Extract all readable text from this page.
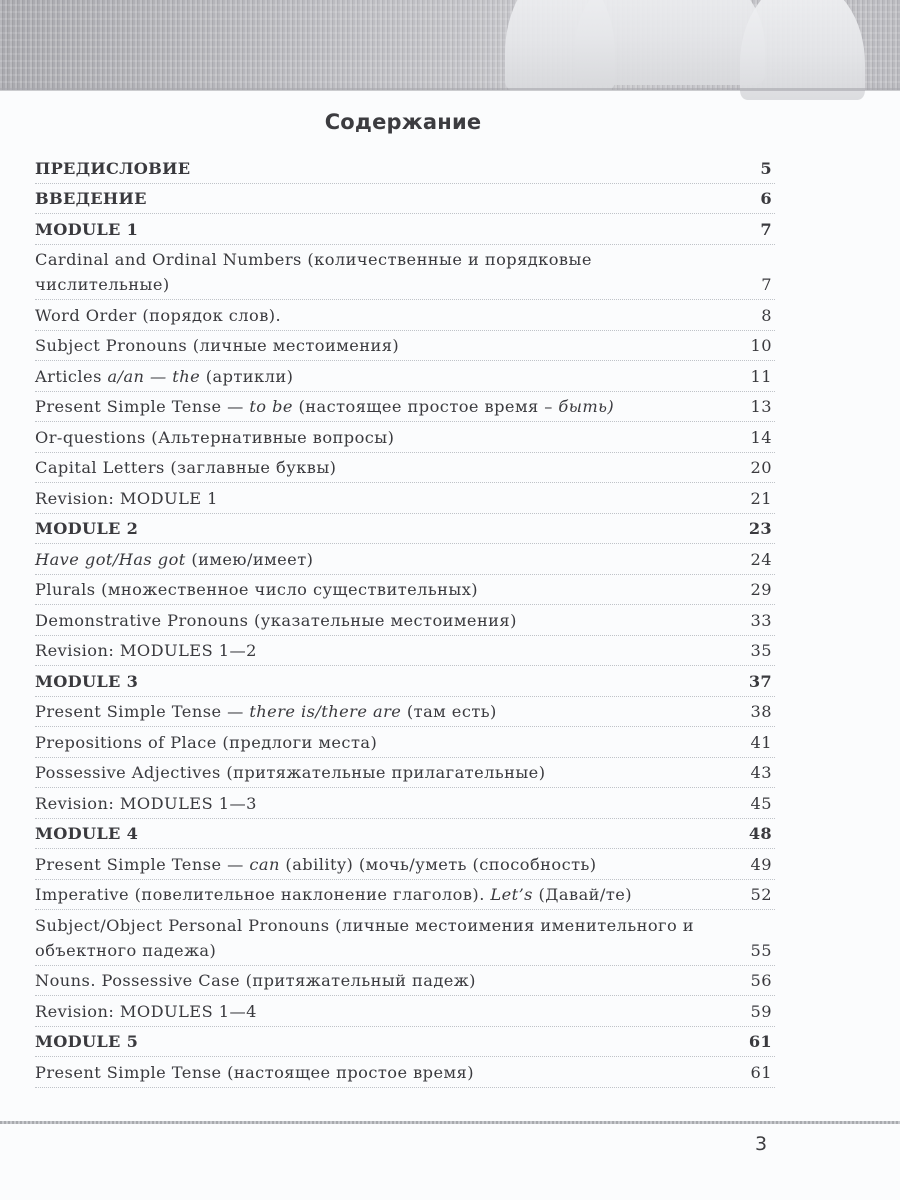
Содержание
ПРЕДИСЛОВИЕ	5
ВВЕДЕНИЕ	6
MODULE 1	7
Cardinal and Ordinal Numbers (количественные и порядковые числительные)	7
Word Order (порядок слов).	8
Subject Pronouns (личные местоимения)	10
Articles a/an — the (артикли)	11
Present Simple Tense — to be (настоящее простое время – быть)	13
Or-questions (Альтернативные вопросы)	14
Capital Letters (заглавные буквы)	20
Revision: MODULE 1	21
MODULE 2	23
Have got/Has got (имею/имеет)	24
Plurals (множественное число существительных)	29
Demonstrative Pronouns (указательные местоимения)	33
Revision: MODULES 1—2	35
MODULE 3	37
Present Simple Tense — there is/there are (там есть)	38
Prepositions of Place (предлоги места)	41
Possessive Adjectives (притяжательные прилагательные)	43
Revision: MODULES 1—3	45
MODULE 4	48
Present Simple Tense — can (ability) (мочь/уметь (способность)	49
Imperative (повелительное наклонение глаголов). Let’s (Давай/те)	52
Subject/Object Personal Pronouns (личные местоимения именительного и объектного падежа)	55
Nouns. Possessive Case (притяжательный падеж)	56
Revision: MODULES 1—4	59
MODULE 5	61
Present Simple Tense (настоящее простое время)	61
3
